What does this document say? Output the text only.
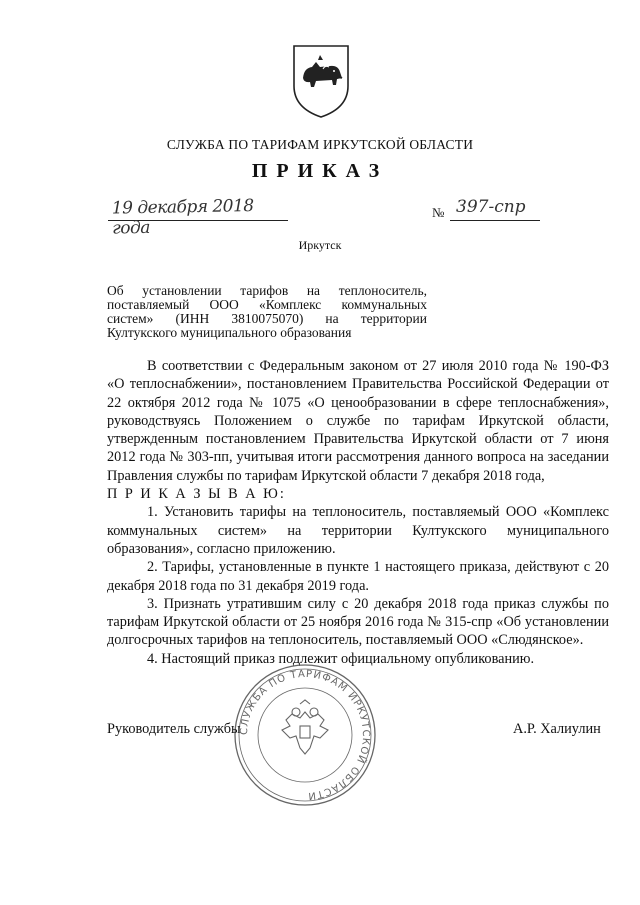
СЛУЖБА ПО ТАРИФАМ ИРКУТСКОЙ ОБЛАСТИ
ПРИКАЗ
19 декабря 2018 года
№ 397-спр
Иркутск
Об установлении тарифов на теплоноситель,
поставляемый ООО «Комплекс коммунальных
систем» (ИНН 3810075070) на территории
Култукского муниципального образования

В соответствии с Федеральным законом от 27 июля 2010 года № 190-ФЗ «О теплоснабжении», постановлением Правительства Российской Федерации от 22 октября 2012 года № 1075 «О ценообразовании в сфере теплоснабжения», руководствуясь Положением о службе по тарифам Иркутской области, утвержденным постановлением Правительства Иркутской области от 7 июня 2012 года № 303-пп, учитывая итоги рассмотрения данного вопроса на заседании Правления службы по тарифам Иркутской области 7 декабря 2018 года,

П Р И К А З Ы В А Ю:

1. Установить тарифы на теплоноситель, поставляемый ООО «Комплекс коммунальных систем» на территории Култукского муниципального образования», согласно приложению.

2. Тарифы, установленные в пункте 1 настоящего приказа, действуют с 20 декабря 2018 года по 31 декабря 2019 года.

3. Признать утратившим силу с 20 декабря 2018 года приказ службы по тарифам Иркутской области от 25 ноября 2016 года № 315-спр «Об установлении долгосрочных тарифов на теплоноситель, поставляемый ООО «Слюдянское».

4. Настоящий приказ подлежит официальному опубликованию.

СЛУЖБА ПО ТАРИФАМ ИРКУТСКОЙ ОБЛАСТИ
Руководитель службы	А.Р. Халиулин
